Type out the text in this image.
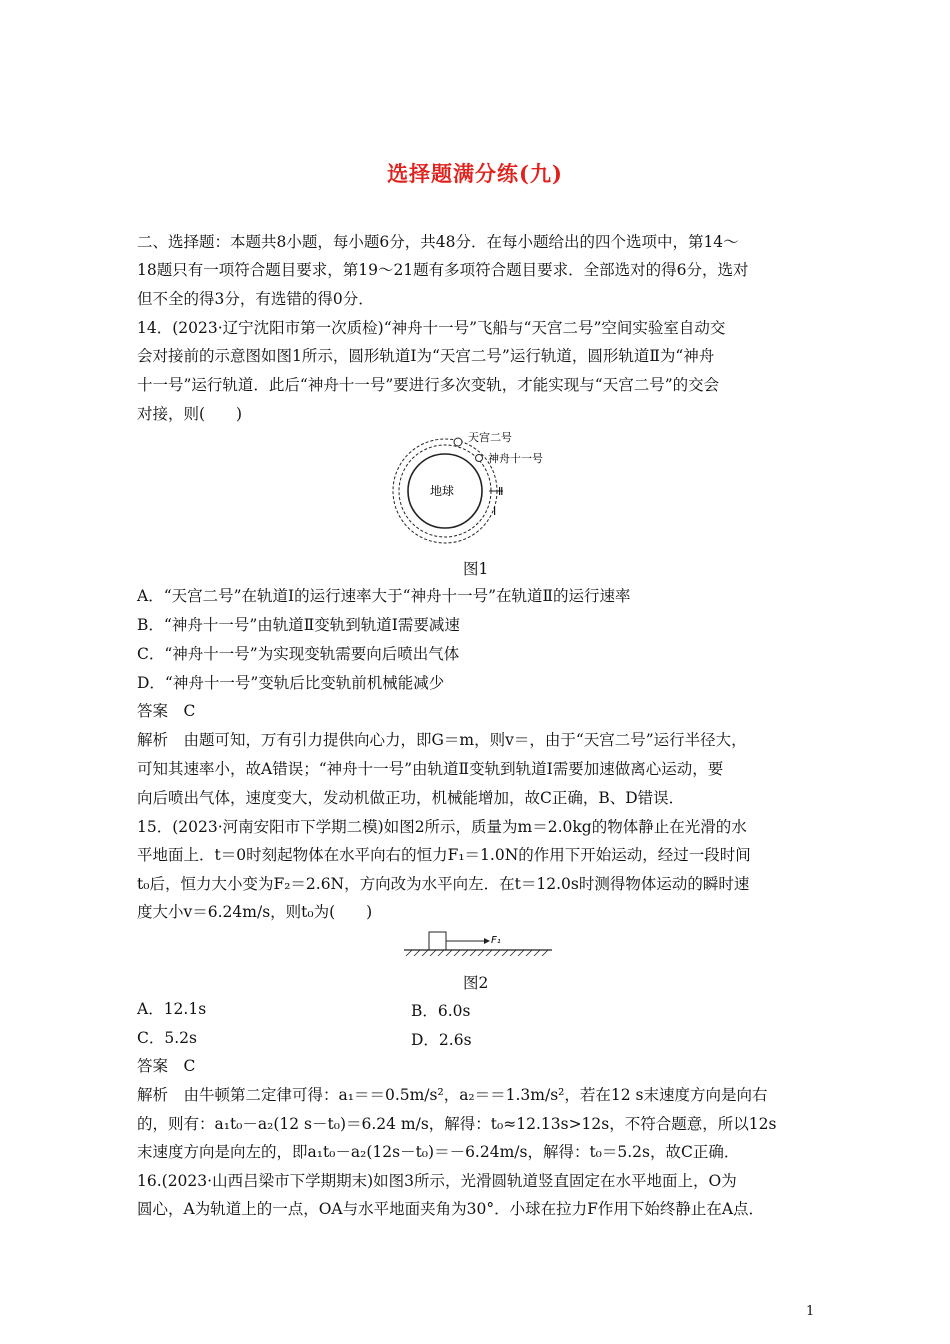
选择题满分练(九)
二、选择题：本题共8小题，每小题6分，共48分．在每小题给出的四个选项中，第14～
18题只有一项符合题目要求，第19～21题有多项符合题目要求．全部选对的得6分，选对
但不全的得3分，有选错的得0分．
14．(2023·辽宁沈阳市第一次质检)“神舟十一号”飞船与“天宫二号”空间实验室自动交
会对接前的示意图如图1所示，圆形轨道Ⅰ为“天宫二号”运行轨道，圆形轨道Ⅱ为“神舟
十一号”运行轨道．此后“神舟十一号”要进行多次变轨，才能实现与“天宫二号”的交会
对接，则(　　)
天宫二号
神舟十一号
地球	Ⅱ
Ⅰ
图1
A．“天宫二号”在轨道Ⅰ的运行速率大于“神舟十一号”在轨道Ⅱ的运行速率
B．“神舟十一号”由轨道Ⅱ变轨到轨道Ⅰ需要减速
C．“神舟十一号”为实现变轨需要向后喷出气体
D．“神舟十一号”变轨后比变轨前机械能减少
答案　C
解析　由题可知，万有引力提供向心力，即G＝m，则v＝，由于“天宫二号”运行半径大，
可知其速率小，故A错误；“神舟十一号”由轨道Ⅱ变轨到轨道Ⅰ需要加速做离心运动，要
向后喷出气体，速度变大，发动机做正功，机械能增加，故C正确，B、D错误．
15．(2023·河南安阳市下学期二模)如图2所示，质量为m＝2.0kg的物体静止在光滑的水
平地面上．t＝0时刻起物体在水平向右的恒力F₁＝1.0N的作用下开始运动，经过一段时间
t₀后，恒力大小变为F₂＝2.6N，方向改为水平向左．在t＝12.0s时测得物体运动的瞬时速
度大小v＝6.24m/s，则t₀为(　　)
F₁
图2
A．12.1s	B．6.0s
C．5.2s	D．2.6s
答案　C
解析　由牛顿第二定律可得：a₁＝＝0.5m/s²，a₂＝＝1.3m/s²，若在12 s末速度方向是向右
的，则有：a₁t₀－a₂(12 s－t₀)＝6.24 m/s，解得：t₀≈12.13s>12s，不符合题意，所以12s
末速度方向是向左的，即a₁t₀－a₂(12s－t₀)＝－6.24m/s，解得：t₀＝5.2s，故C正确．
16.(2023·山西吕梁市下学期期末)如图3所示，光滑圆轨道竖直固定在水平地面上，O为
圆心，A为轨道上的一点，OA与水平地面夹角为30°．小球在拉力F作用下始终静止在A点．
1
